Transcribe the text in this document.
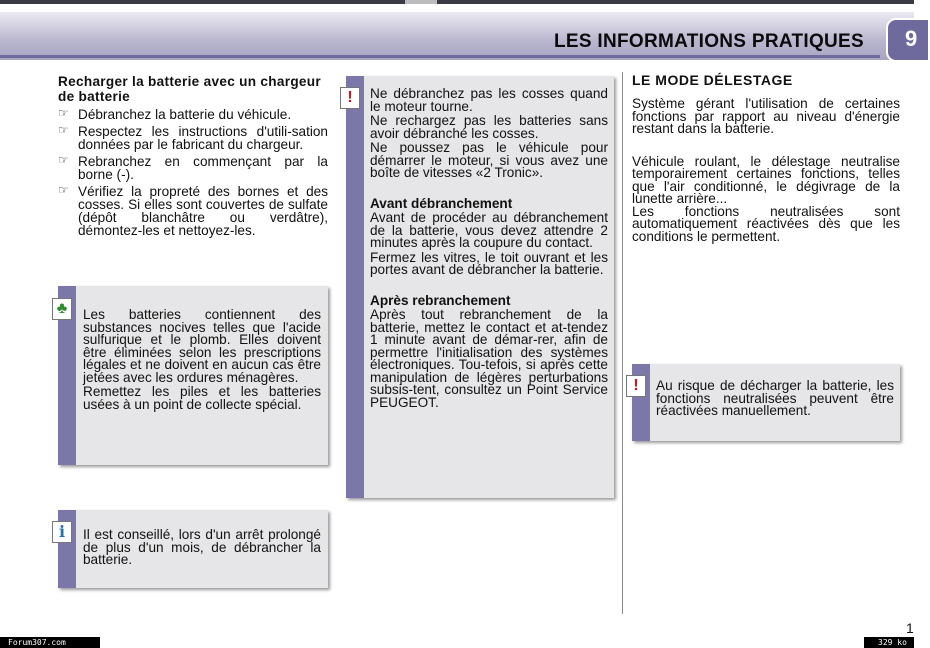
LES INFORMATIONS PRATIQUES 9
Recharger la batterie avec un chargeur de batterie
☞ Débranchez la batterie du véhicule.
☞ Respectez les instructions d'utili-sation données par le fabricant du chargeur.
☞ Rebranchez en commençant par la borne (-).
☞ Vérifiez la propreté des bornes et des cosses. Si elles sont couvertes de sulfate (dépôt blanchâtre ou verdâtre), démontez-les et nettoyez-les.
♣	Les batteries contiennent des substances nocives telles que l'acide sulfurique et le plomb. Elles doivent être éliminées selon les prescriptions légales et ne doivent en aucun cas être jetées avec les ordures ménagères.

Remettez les piles et les batteries usées à un point de collecte spécial.

i	Il est conseillé, lors d'un arrêt prolongé de plus d'un mois, de débrancher la batterie.

!	Ne débranchez pas les cosses quand le moteur tourne.

Ne rechargez pas les batteries sans avoir débranché les cosses.

Ne poussez pas le véhicule pour démarrer le moteur, si vous avez une boîte de vitesses «2 Tronic».

Avant débranchement

Avant de procéder au débranchement de la batterie, vous devez attendre 2 minutes après la coupure du contact.

Fermez les vitres, le toit ouvrant et les portes avant de débrancher la batterie.

Après rebranchement

Après tout rebranchement de la batterie, mettez le contact et at-tendez 1 minute avant de démar-rer, afin de permettre l'initialisation des systèmes électroniques. Tou-tefois, si après cette manipulation de légères perturbations subsis-tent, consultez un Point Service PEUGEOT.

LE MODE DÉLESTAGE

Système gérant l'utilisation de certaines fonctions par rapport au niveau d'énergie restant dans la batterie.

Véhicule roulant, le délestage neutralise temporairement certaines fonctions, telles que l'air conditionné, le dégivrage de la lunette arrière...

Les fonctions neutralisées sont automatiquement réactivées dès que les conditions le permettent.

!	Au risque de décharger la batterie, les fonctions neutralisées peuvent être réactivées manuellement.

1
Forum307.com	329 ko
